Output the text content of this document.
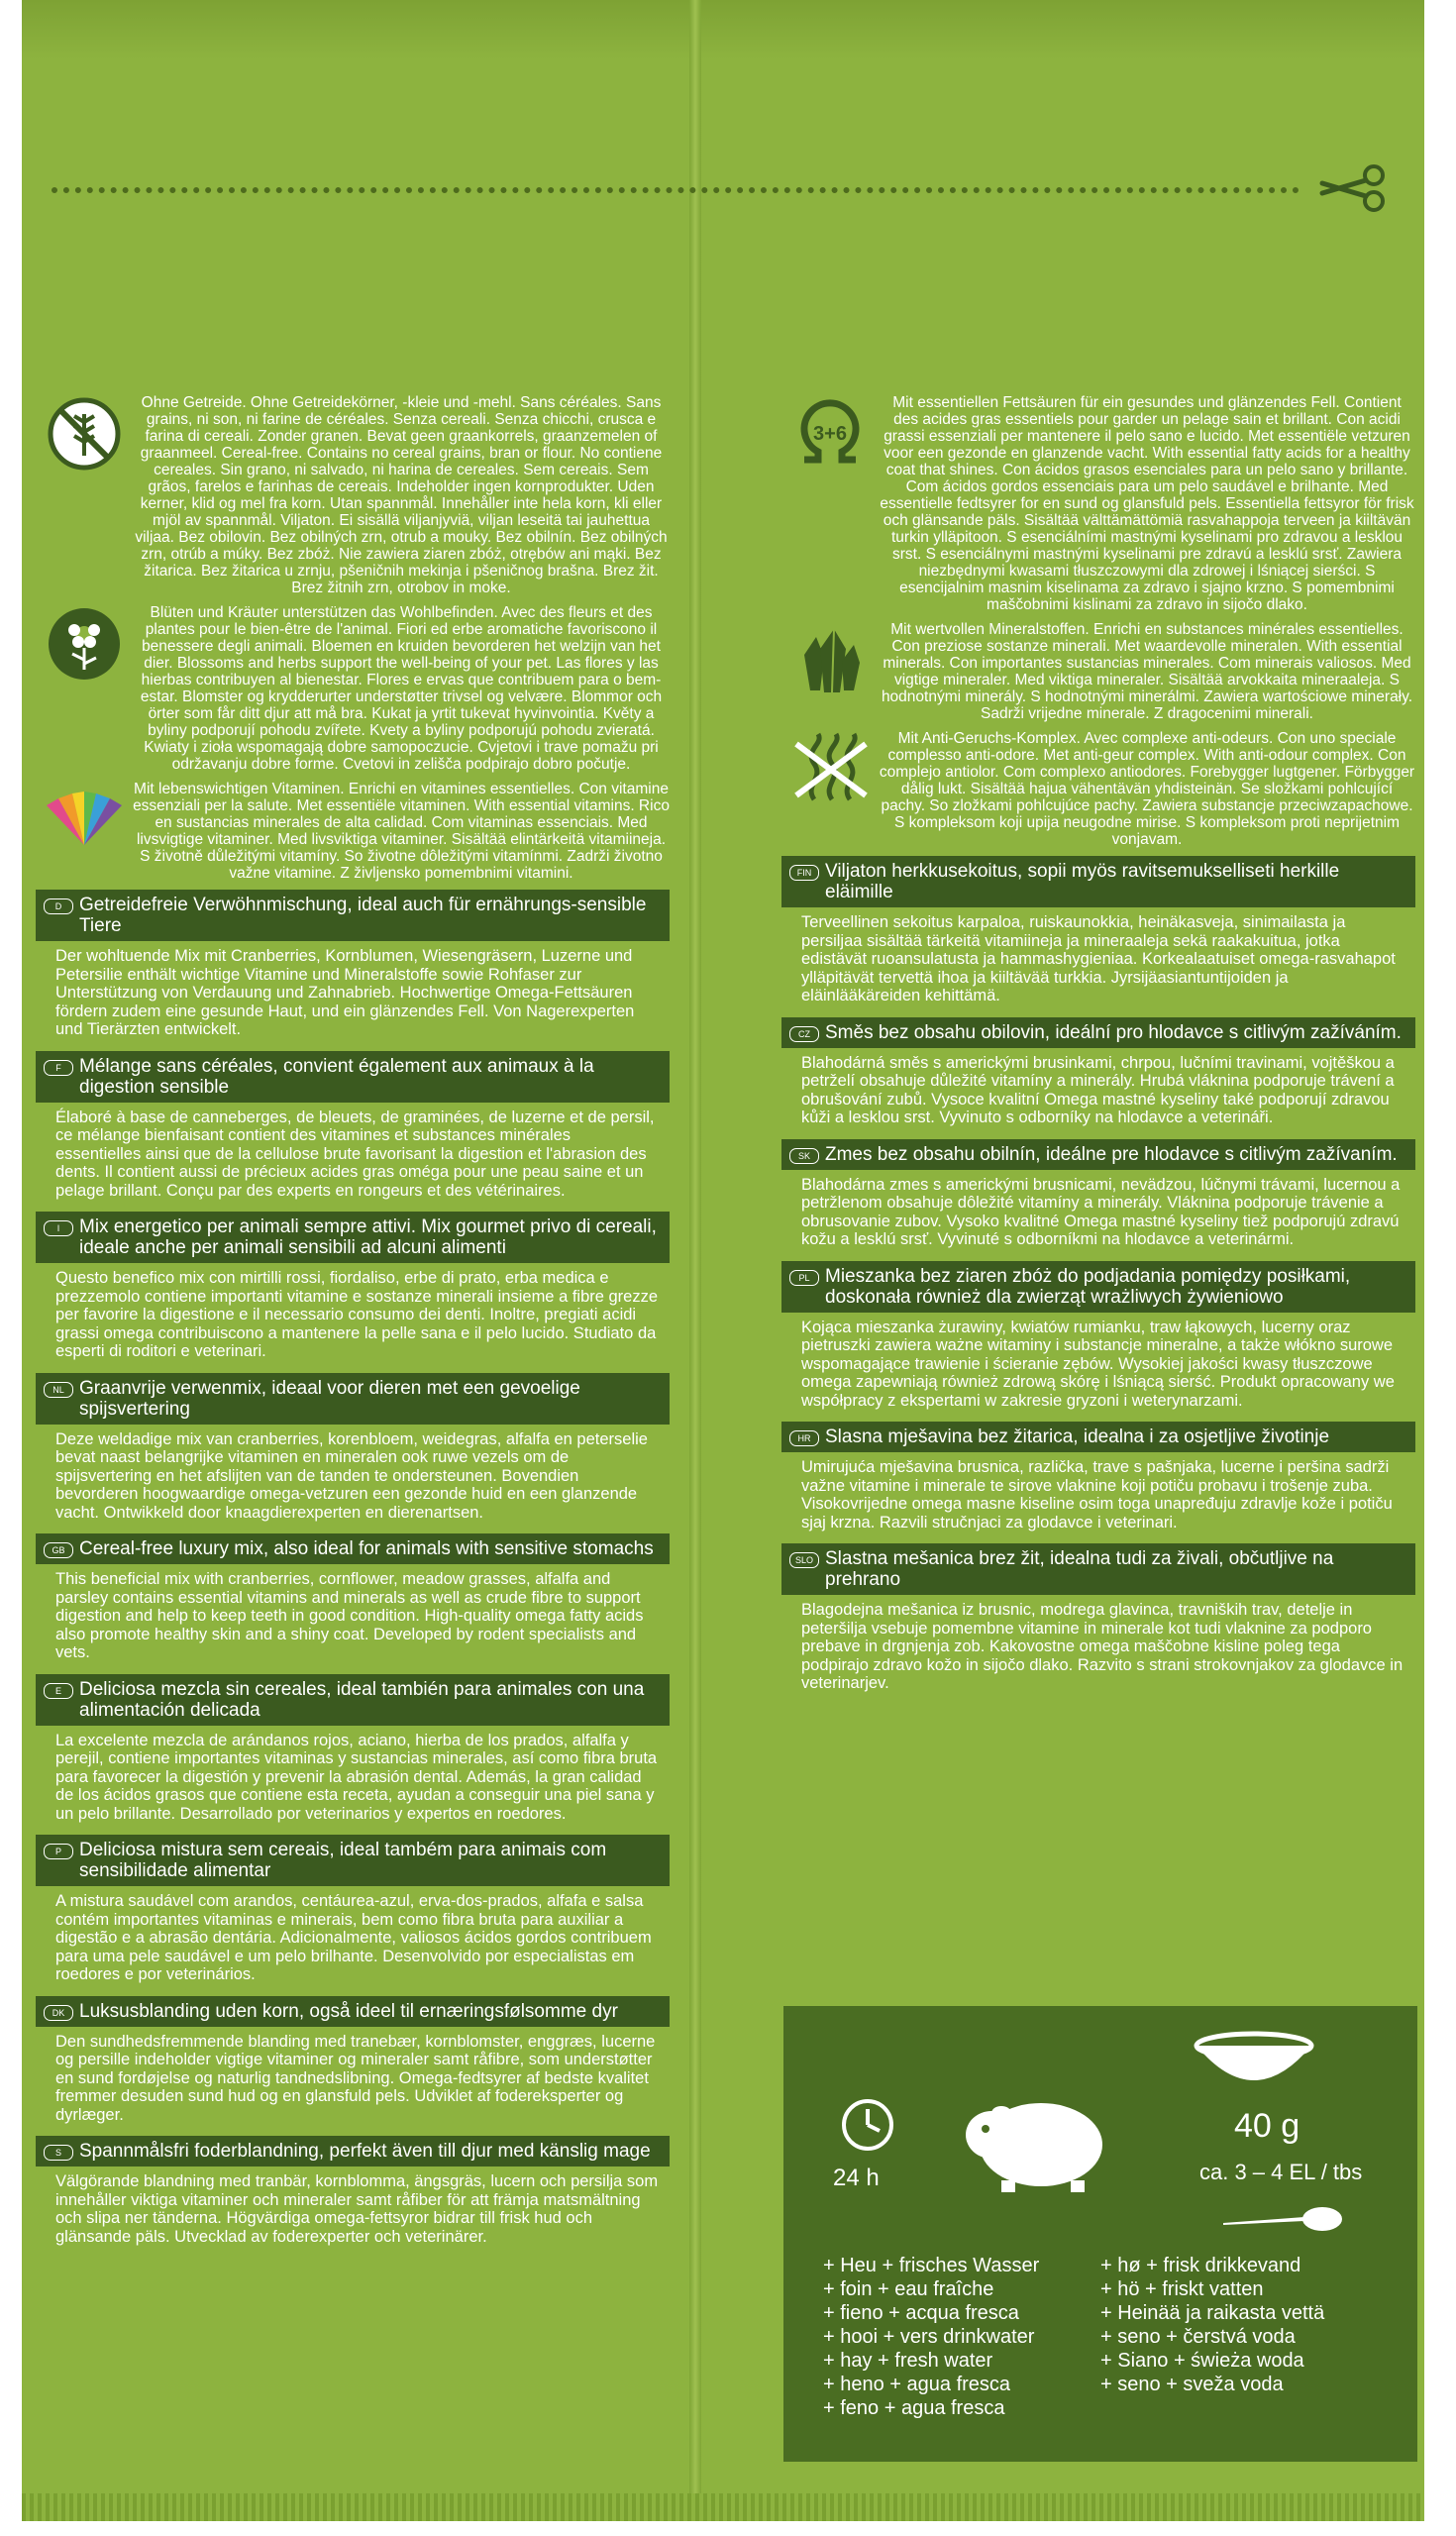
Ohne Getreide. Ohne Getreidekörner, -kleie und -mehl. Sans céréales. Sans grains, ni son, ni farine de céréales. Senza cereali. Senza chicchi, crusca e farina di cereali. Zonder granen. Bevat geen graankorrels, graanzemelen of graanmeel. Cereal-free. Contains no cereal grains, bran or flour. No contiene cereales. Sin grano, ni salvado, ni harina de cereales. Sem cereais. Sem grãos, farelos e farinhas de cereais. Indeholder ingen kornprodukter. Uden kerner, klid og mel fra korn. Utan spannmål. Innehåller inte hela korn, kli eller mjöl av spannmål. Viljaton. Ei sisällä viljanjyviä, viljan leseitä tai jauhettua viljaa. Bez obilovin. Bez obilných zrn, otrub a mouky. Bez obilnín. Bez obilných zrn, otrúb a múky. Bez zbóż. Nie zawiera ziaren zbóż, otrębów ani mąki. Bez žitarica. Bez žitarica u zrnju, pšeničnih mekinja i pšeničnog brašna. Brez žit. Brez žitnih zrn, otrobov in moke.
Blüten und Kräuter unterstützen das Wohlbefinden. Avec des fleurs et des plantes pour le bien-être de l'animal. Fiori ed erbe aromatiche favoriscono il benessere degli animali. Bloemen en kruiden bevorderen het welzijn van het dier. Blossoms and herbs support the well-being of your pet. Las flores y las hierbas contribuyen al bienestar. Flores e ervas que contribuem para o bem-estar. Blomster og krydderurter understøtter trivsel og velvære. Blommor och örter som får ditt djur att må bra. Kukat ja yrtit tukevat hyvinvointia. Květy a byliny podporují pohodu zvířete. Kvety a byliny podporujú pohodu zvieratá. Kwiaty i zioła wspomagają dobre samopoczucie. Cvjetovi i trave pomažu pri održavanju dobre forme. Cvetovi in zelišča podpirajo dobro počutje.
Mit lebenswichtigen Vitaminen. Enrichi en vitamines essentielles. Con vitamine essenziali per la salute. Met essentiële vitaminen. With essential vitamins. Rico en sustancias minerales de alta calidad. Com vitaminas essenciais. Med livsvigtige vitaminer. Med livsviktiga vitaminer. Sisältää elintärkeitä vitamiineja. S životně důležitými vitamíny. So životne dôležitými vitamínmi. Zadrži životno važne vitamine. Z življensko pomembnimi vitamini.
D Getreidefreie Verwöhnmischung, ideal auch für ernährungs-sensible Tiere
Der wohltuende Mix mit Cranberries, Kornblumen, Wiesengräsern, Luzerne und Petersilie enthält wichtige Vitamine und Mineralstoffe sowie Rohfaser zur Unterstützung von Verdauung und Zahnabrieb. Hochwertige Omega-Fettsäuren fördern zudem eine gesunde Haut, und ein glänzendes Fell. Von Nagerexperten und Tierärzten entwickelt.
F Mélange sans céréales, convient également aux animaux à la digestion sensible
Élaboré à base de canneberges, de bleuets, de graminées, de luzerne et de persil, ce mélange bienfaisant contient des vitamines et substances minérales essentielles ainsi que de la cellulose brute favorisant la digestion et l'abrasion des dents. Il contient aussi de précieux acides gras oméga pour une peau saine et un pelage brillant. Conçu par des experts en rongeurs et des vétérinaires.
I	Mix energetico per animali sempre attivi. Mix gourmet privo di cereali, ideale anche per animali sensibili ad alcuni alimenti
Questo benefico mix con mirtilli rossi, fiordaliso, erbe di prato, erba medica e prezzemolo contiene importanti vitamine e sostanze minerali insieme a fibre grezze per favorire la digestione e il necessario consumo dei denti. Inoltre, pregiati acidi grassi omega contribuiscono a mantenere la pelle sana e il pelo lucido. Studiato da esperti di roditori e veterinari.
NL Graanvrije verwenmix, ideaal voor dieren met een gevoelige spijsvertering
Deze weldadige mix van cranberries, korenbloem, weidegras, alfalfa en peterselie bevat naast belangrijke vitaminen en mineralen ook ruwe vezels om de spijsvertering en het afslijten van de tanden te ondersteunen. Bovendien bevorderen hoogwaardige omega-vetzuren een gezonde huid en een glanzende vacht. Ontwikkeld door knaagdierexperten en dierenartsen.
GB Cereal-free luxury mix, also ideal for animals with sensitive stomachs
This beneficial mix with cranberries, cornflower, meadow grasses, alfalfa and parsley contains essential vitamins and minerals as well as crude fibre to support digestion and help to keep teeth in good condition. High-quality omega fatty acids also promote healthy skin and a shiny coat. Developed by rodent specialists and vets.
E Deliciosa mezcla sin cereales, ideal también para animales con una alimentación delicada
La excelente mezcla de arándanos rojos, aciano, hierba de los prados, alfalfa y perejil, contiene importantes vitaminas y sustancias minerales, así como fibra bruta para favorecer la digestión y prevenir la abrasión dental. Además, la gran calidad de los ácidos grasos que contiene esta receta, ayudan a conseguir una piel sana y un pelo brillante. Desarrollado por veterinarios y expertos en roedores.
P Deliciosa mistura sem cereais, ideal também para animais com sensibilidade alimentar
A mistura saudável com arandos, centáurea-azul, erva-dos-prados, alfafa e salsa contém importantes vitaminas e minerais, bem como fibra bruta para auxiliar a digestão e a abrasão dentária. Adicionalmente, valiosos ácidos gordos contribuem para uma pele saudável e um pelo brilhante. Desenvolvido por especialistas em roedores e por veterinários.
DK Luksusblanding uden korn, også ideel til ernæringsfølsomme dyr
Den sundhedsfremmende blanding med tranebær, kornblomster, enggræs, lucerne og persille indeholder vigtige vitaminer og mineraler samt råfibre, som understøtter en sund fordøjelse og naturlig tandnedslibning. Omega-fedtsyrer af bedste kvalitet fremmer desuden sund hud og en glansfuld pels. Udviklet af fodereksperter og dyrlæger.
S Spannmålsfri foderblandning, perfekt även till djur med känslig mage
Välgörande blandning med tranbär, kornblomma, ängsgräs, lucern och persilja som innehåller viktiga vitaminer och mineraler samt råfiber för att främja matsmältning och slipa ner tänderna. Högvärdiga omega-fettsyror bidrar till frisk hud och glänsande päls. Utvecklad av foderexperter och veterinärer.
3+6
Mit essentiellen Fettsäuren für ein gesundes und glänzendes Fell. Contient des acides gras essentiels pour garder un pelage sain et brillant. Con acidi grassi essenziali per mantenere il pelo sano e lucido. Met essentiële vetzuren voor een gezonde en glanzende vacht. With essential fatty acids for a healthy coat that shines. Con ácidos grasos esenciales para un pelo sano y brillante. Com ácidos gordos essenciais para um pelo saudável e brilhante. Med essentielle fedtsyrer for en sund og glansfuld pels. Essentiella fettsyror för frisk och glänsande päls. Sisältää välttämättömiä rasvahappoja terveen ja kiiltävän turkin ylläpitoon. S esenciálními mastnými kyselinami pro zdravou a lesklou srst. S esenciálnymi mastnými kyselinami pre zdravú a lesklú srsť. Zawiera niezbędnymi kwasami tłuszczowymi dla zdrowej i lśniącej sierści. S esencijalnim masnim kiselinama za zdravo i sjajno krzno. S pomembnimi maščobnimi kislinami za zdravo in sijočo dlako.
Mit wertvollen Mineralstoffen. Enrichi en substances minérales essentielles. Con preziose sostanze minerali. Met waardevolle mineralen. With essential minerals. Con importantes sustancias minerales. Com minerais valiosos. Med vigtige mineraler. Med viktiga mineraler. Sisältää arvokkaita mineraaleja. S hodnotnými minerály. S hodnotnými minerálmi. Zawiera wartościowe minerały. Sadrži vrijedne minerale. Z dragocenimi minerali.
Mit Anti-Geruchs-Komplex. Avec complexe anti-odeurs. Con uno speciale complesso anti-odore. Met anti-geur complex. With anti-odour complex. Con complejo antiolor. Com complexo antiodores. Forebygger lugtgener. Förbygger dålig lukt. Sisältää hajua vähentävän yhdisteinän. Se složkami pohlcující pachy. So zložkami pohlcujúce pachy. Zawiera substancje przeciwzapachowe. S kompleksom koji upija neugodne mirise. S kompleksom proti neprijetnim vonjavam.
FIN Viljaton herkkusekoitus, sopii myös ravitsemukselliseti herkille eläimille
Terveellinen sekoitus karpaloa, ruiskaunokkia, heinäkasveja, sinimailasta ja persiljaa sisältää tärkeitä vitamiineja ja mineraaleja sekä raakakuitua, jotka edistävät ruoansulatusta ja hammashygieniaa. Korkealaatuiset omega-rasvahapot ylläpitävät tervettä ihoa ja kiiltävää turkkia. Jyrsijäasiantuntijoiden ja eläinlääkäreiden kehittämä.
CZ Směs bez obsahu obilovin, ideální pro hlodavce s citlivým zažíváním.
Blahodárná směs s americkými brusinkami, chrpou, lučními travinami, vojtěškou a petrželí obsahuje důležité vitamíny a minerály. Hrubá vláknina podporuje trávení a obrušování zubů. Vysoce kvalitní Omega mastné kyseliny také podporují zdravou kůži a lesklou srst. Vyvinuto s odborníky na hlodavce a veterináři.
SK Zmes bez obsahu obilnín, ideálne pre hlodavce s citlivým zažívaním.
Blahodárna zmes s americkými brusnicami, nevädzou, lúčnymi trávami, lucernou a petržlenom obsahuje dôležité vitamíny a minerály. Vláknina podporuje trávenie a obrusovanie zubov. Vysoko kvalitné Omega mastné kyseliny tiež podporujú zdravú kožu a lesklú srsť. Vyvinuté s odborníkmi na hlodavce a veterinármi.
PL Mieszanka bez ziaren zbóż do podjadania pomiędzy posiłkami, doskonała również dla zwierząt wrażliwych żywieniowo
Kojąca mieszanka żurawiny, kwiatów rumianku, traw łąkowych, lucerny oraz pietruszki zawiera ważne witaminy i substancje mineralne, a także włókno surowe wspomagające trawienie i ścieranie zębów. Wysokiej jakości kwasy tłuszczowe omega zapewniają również zdrową skórę i lśniącą sierść. Produkt opracowany we współpracy z ekspertami w zakresie gryzoni i weterynarzami.
HR Slasna mješavina bez žitarica, idealna i za osjetljive životinje
Umirujuća mješavina brusnica, različka, trave s pašnjaka, lucerne i peršina sadrži važne vitamine i minerale te sirove vlaknine koji potiču probavu i trošenje zuba. Visokovrijedne omega masne kiseline osim toga unapređuju zdravlje kože i potiču sjaj krzna. Razvili stručnjaci za glodavce i veterinari.
SLO Slastna mešanica brez žit, idealna tudi za živali, občutljive na prehrano
Blagodejna mešanica iz brusnic, modrega glavinca, travniških trav, detelje in peteršilja vsebuje pomembne vitamine in minerale kot tudi vlaknine za podporo prebave in drgnjenja zob. Kakovostne omega maščobne kisline poleg tega podpirajo zdravo kožo in sijočo dlako. Razvito s strani strokovnjakov za glodavce in veterinarjev.
24 h
40 g
ca. 3 – 4 EL / tbs
+ Heu + frisches Wasser
+ foin + eau fraîche
+ fieno + acqua fresca
+ hooi + vers drinkwater
+ hay + fresh water
+ heno + agua fresca
+ feno + agua fresca
+ hø + frisk drikkevand
+ hö + friskt vatten
+ Heinää ja raikasta vettä
+ seno + čerstvá voda
+ Siano + świeża woda
+ seno + sveža voda
